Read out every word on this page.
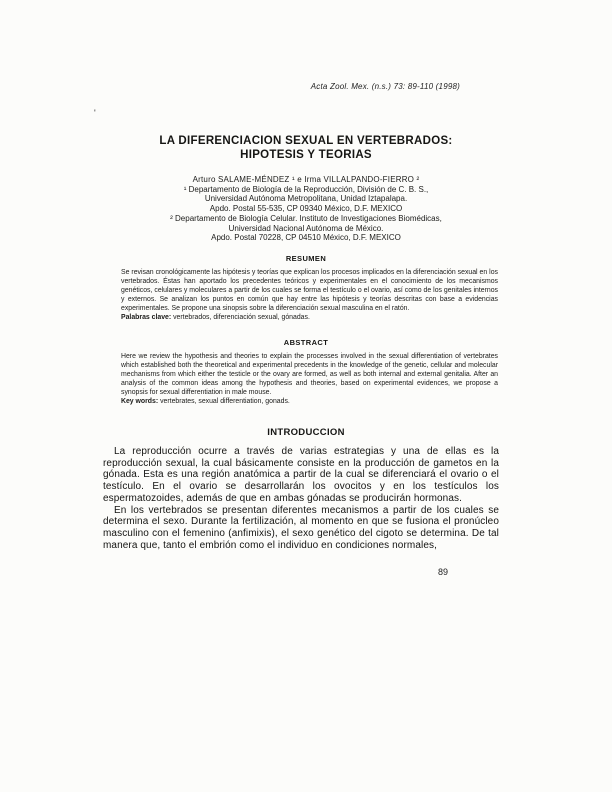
Acta Zool. Mex. (n.s.) 73: 89-110 (1998)
'
LA DIFERENCIACION SEXUAL EN VERTEBRADOS:
HIPOTESIS Y TEORIAS
Arturo SALAME-MÉNDEZ ¹ e Irma VILLALPANDO-FIERRO ²
¹ Departamento de Biología de la Reproducción, División de C. B. S.,
Universidad Autónoma Metropolitana, Unidad Iztapalapa.
Apdo. Postal 55-535, CP 09340 México, D.F. MEXICO
² Departamento de Biología Celular. Instituto de Investigaciones Biomédicas,
Universidad Nacional Autónoma de México.
Apdo. Postal 70228, CP 04510 México, D.F. MEXICO
RESUMEN

Se revisan cronológicamente las hipótesis y teorías que explican los procesos implicados en la diferenciación sexual en los vertebrados. Éstas han aportado los precedentes teóricos y experimentales en el conocimiento de los mecanismos genéticos, celulares y moleculares a partir de los cuales se forma el testículo o el ovario, así como de los genitales internos y externos. Se analizan los puntos en común que hay entre las hipótesis y teorías descritas con base a evidencias experimentales. Se propone una sinopsis sobre la diferenciación sexual masculina en el ratón.

Palabras clave: vertebrados, diferenciación sexual, gónadas.

ABSTRACT

Here we review the hypothesis and theories to explain the processes involved in the sexual differentiation of vertebrates which established both the theoretical and experimental precedents in the knowledge of the genetic, cellular and molecular mechanisms from which either the testicle or the ovary are formed, as well as both internal and external genitalia. After an analysis of the common ideas among the hypothesis and theories, based on experimental evidences, we propose a synopsis for sexual differentiation in male mouse.

Key words: vertebrates, sexual differentiation, gonads.

INTRODUCCION

La reproducción ocurre a través de varias estrategias y una de ellas es la reproducción sexual, la cual básicamente consiste en la producción de gametos en la gónada. Esta es una región anatómica a partir de la cual se diferenciará el ovario o el testículo. En el ovario se desarrollarán los ovocitos y en los testículos los espermatozoides, además de que en ambas gónadas se producirán hormonas.

En los vertebrados se presentan diferentes mecanismos a partir de los cuales se determina el sexo. Durante la fertilización, al momento en que se fusiona el pronúcleo masculino con el femenino (anfimixis), el sexo genético del cigoto se determina. De tal manera que, tanto el embrión como el individuo en condiciones normales,

89
